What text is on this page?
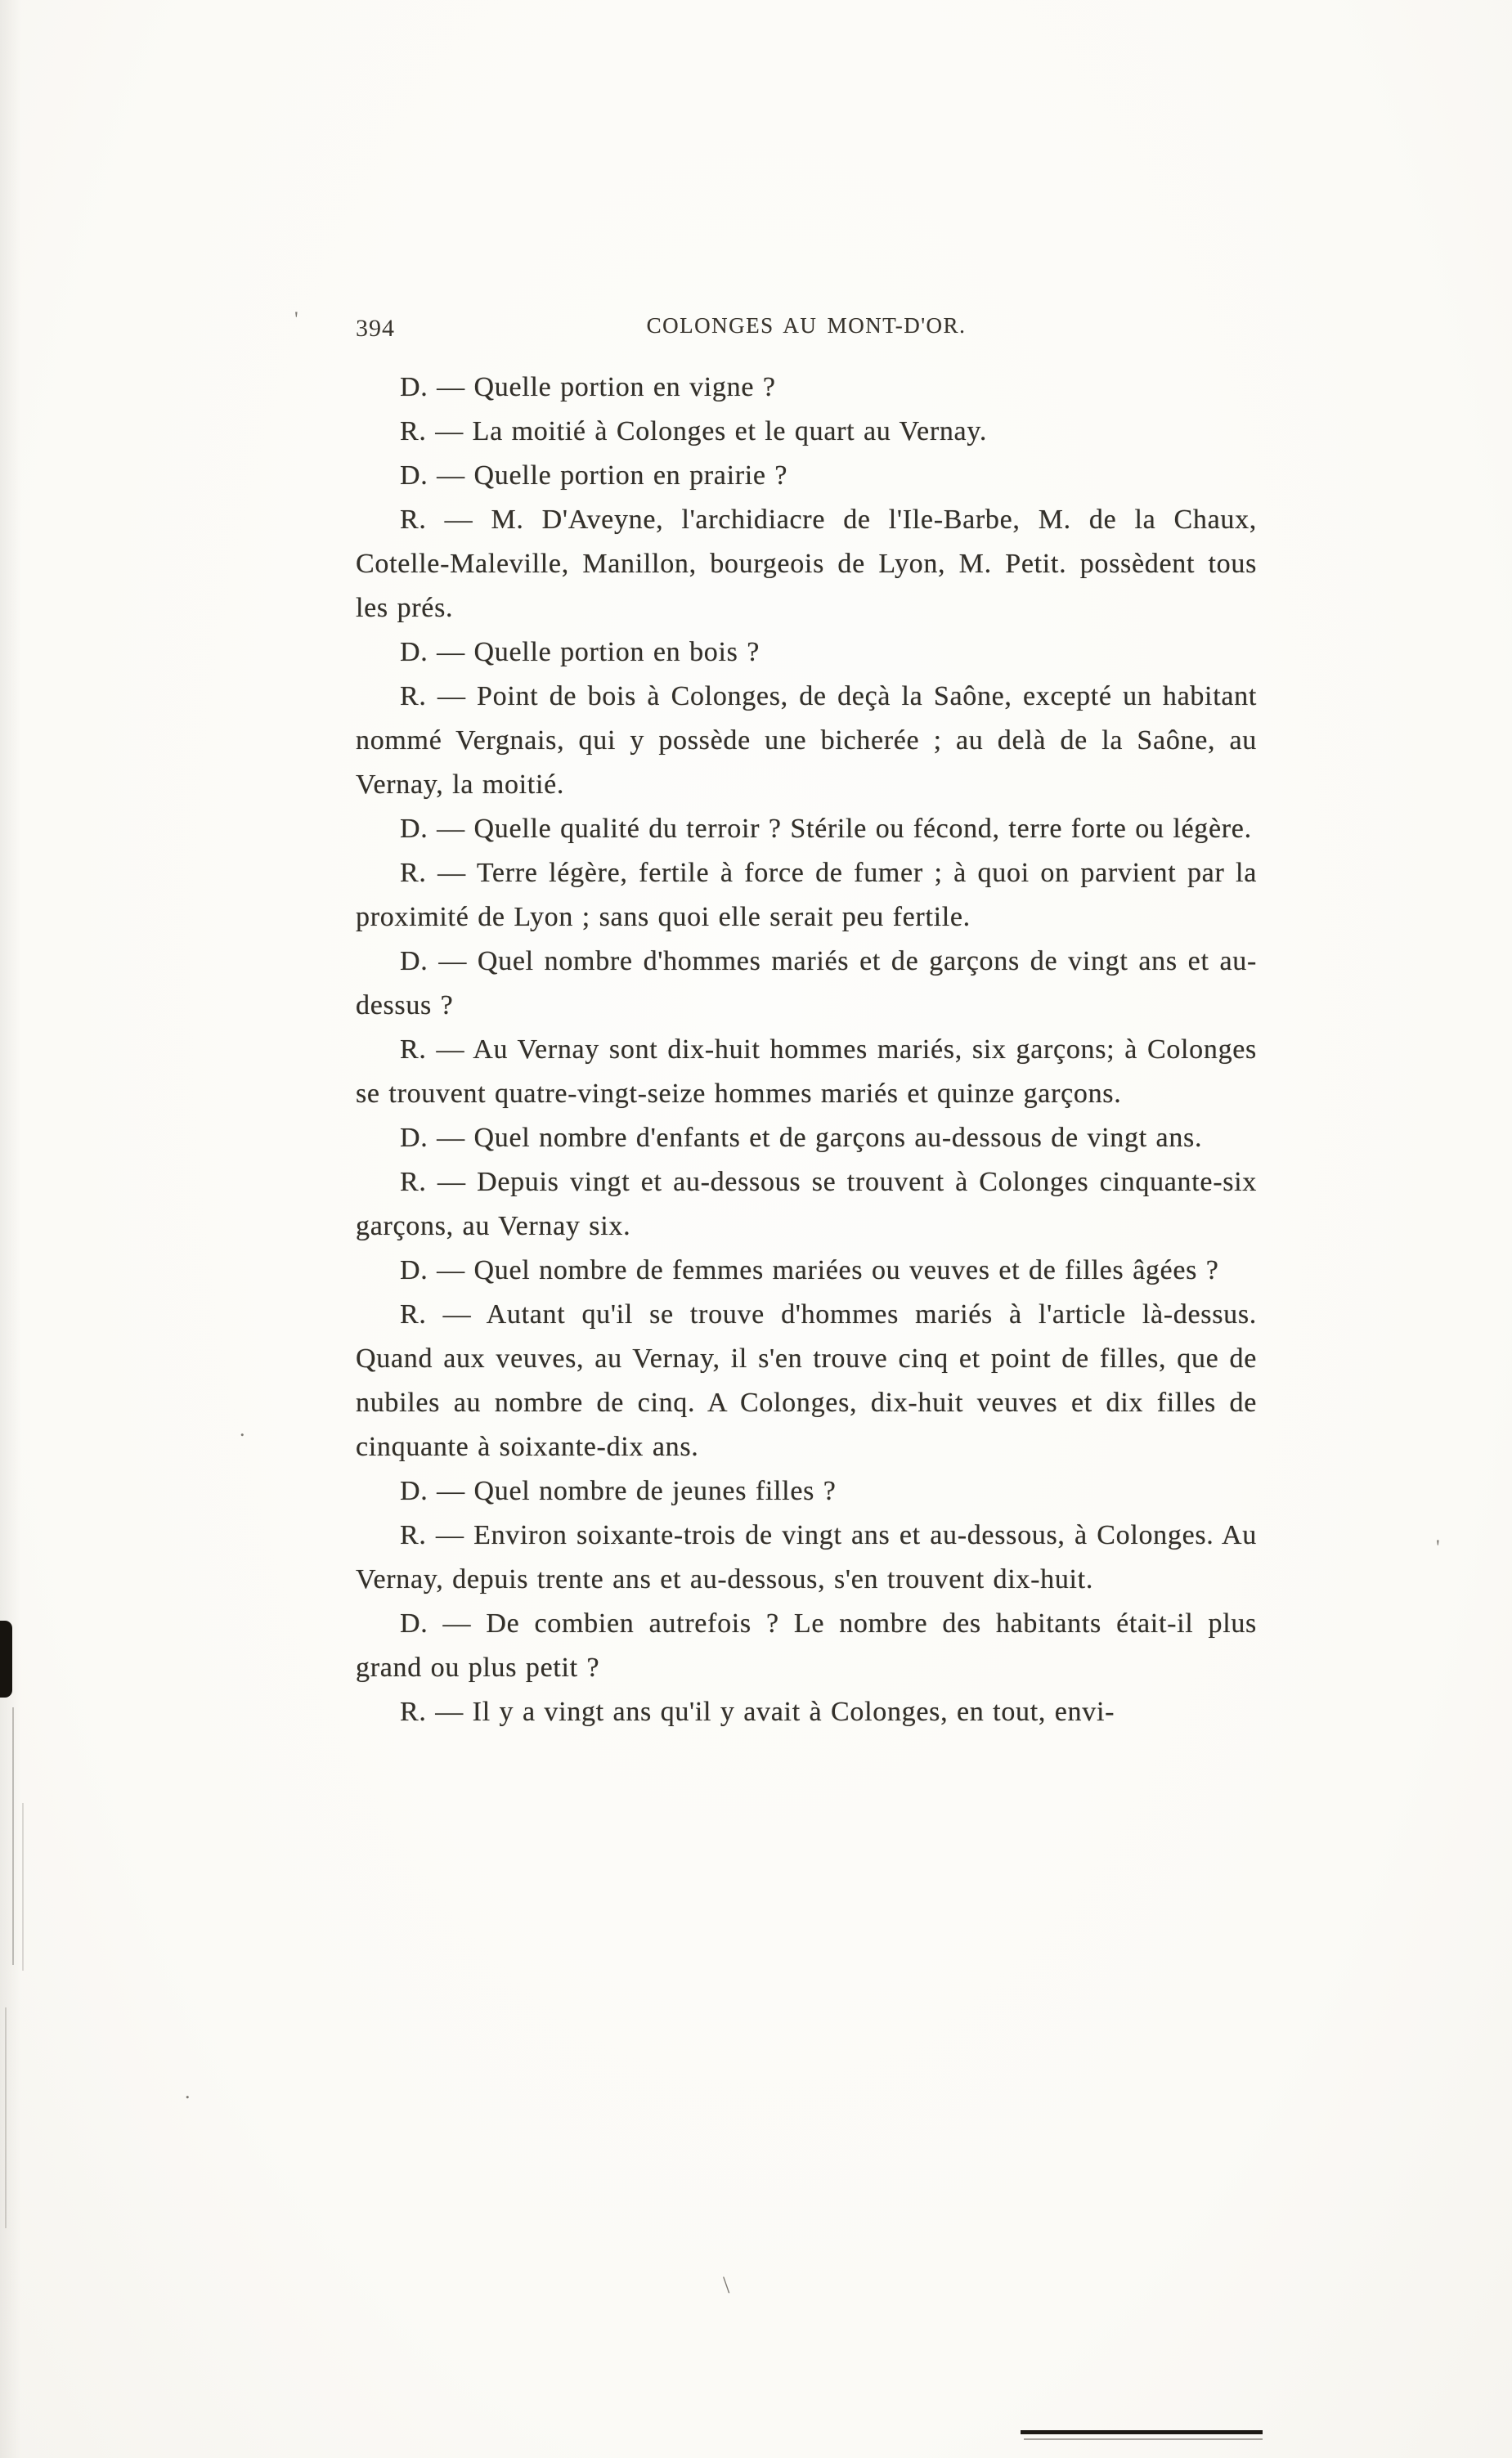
394	COLONGES AU MONT-D'OR.

D. — Quelle portion en vigne ?

R. — La moitié à Colonges et le quart au Vernay.

D. — Quelle portion en prairie ?

R. — M. D'Aveyne, l'archidiacre de l'Ile-Barbe, M. de la Chaux, Cotelle-Maleville, Manillon, bourgeois de Lyon, M. Petit. possèdent tous les prés.

D. — Quelle portion en bois ?

R. — Point de bois à Colonges, de deçà la Saône, excepté un habitant nommé Vergnais, qui y possède une bicherée ; au delà de la Saône, au Vernay, la moitié.

D. — Quelle qualité du terroir ? Stérile ou fécond, terre forte ou légère.

R. — Terre légère, fertile à force de fumer ; à quoi on parvient par la proximité de Lyon ; sans quoi elle serait peu fertile.

D. — Quel nombre d'hommes mariés et de garçons de vingt ans et au-dessus ?

R. — Au Vernay sont dix-huit hommes mariés, six garçons; à Colonges se trouvent quatre-vingt-seize hommes mariés et quinze garçons.

D. — Quel nombre d'enfants et de garçons au-dessous de vingt ans.

R. — Depuis vingt et au-dessous se trouvent à Colonges cinquante-six garçons, au Vernay six.

D. — Quel nombre de femmes mariées ou veuves et de filles âgées ?

R. — Autant qu'il se trouve d'hommes mariés à l'article là-dessus. Quand aux veuves, au Vernay, il s'en trouve cinq et point de filles, que de nubiles au nombre de cinq. A Colonges, dix-huit veuves et dix filles de cinquante à soixante-dix ans.

D. — Quel nombre de jeunes filles ?

R. — Environ soixante-trois de vingt ans et au-dessous, à Colonges. Au Vernay, depuis trente ans et au-dessous, s'en trouvent dix-huit.

D. — De combien autrefois ? Le nombre des habitants était-il plus grand ou plus petit ?

R. — Il y a vingt ans qu'il y avait à Colonges, en tout, envi-

'
'
\
.
.
